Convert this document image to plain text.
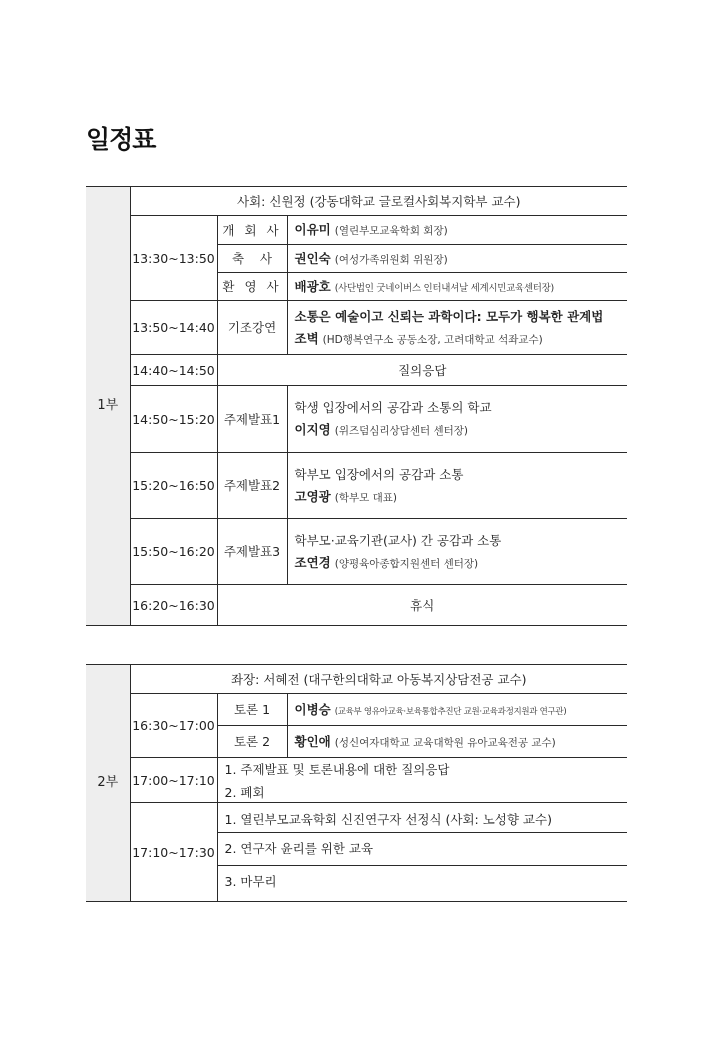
일정표
1부	사회: 신원정 (강동대학교 글로컬사회복지학부 교수)		
	13:30~13:50	개 회 사	이유미 (열린부모교육학회 회장)
		축    사	권인숙 (여성가족위원회 위원장)
		환 영 사	배광호 (사단법인 굿네이버스 인터내셔날 세계시민교육센터장)
	13:50~14:40	기조강연	소통은 예술이고 신뢰는 과학이다: 모두가 행복한 관계법
조벽 (HD행복연구소 공동소장, 고려대학교 석좌교수)

	14:40~14:50	질의응답	
	14:50~15:20	주제발표1	학생 입장에서의 공감과 소통의 학교
이지영 (위즈덤심리상담센터 센터장)

	15:20~16:50	주제발표2	학부모 입장에서의 공감과 소통
고영광 (학부모 대표)

	15:50~16:20	주제발표3	학부모·교육기관(교사) 간 공감과 소통
조연경 (양평육아종합지원센터 센터장)

	16:20~16:30	휴식	
2부	좌장: 서혜전 (대구한의대학교 아동복지상담전공 교수)		
	16:30~17:00	토론 1	이병승 (교육부 영유아교육·보육통합추진단 교원·교육과정지원과 연구관)
		토론 2	황인애 (성신여자대학교 교육대학원 유아교육전공 교수)
	17:00~17:10	1. 주제발표 및 토론내용에 대한 질의응답
2. 폐회	

	17:10~17:30	1. 열린부모교육학회 신진연구자 선정식 (사회: 노성향 교수)
2. 연구자 윤리를 위한 교육
3. 마무리	
